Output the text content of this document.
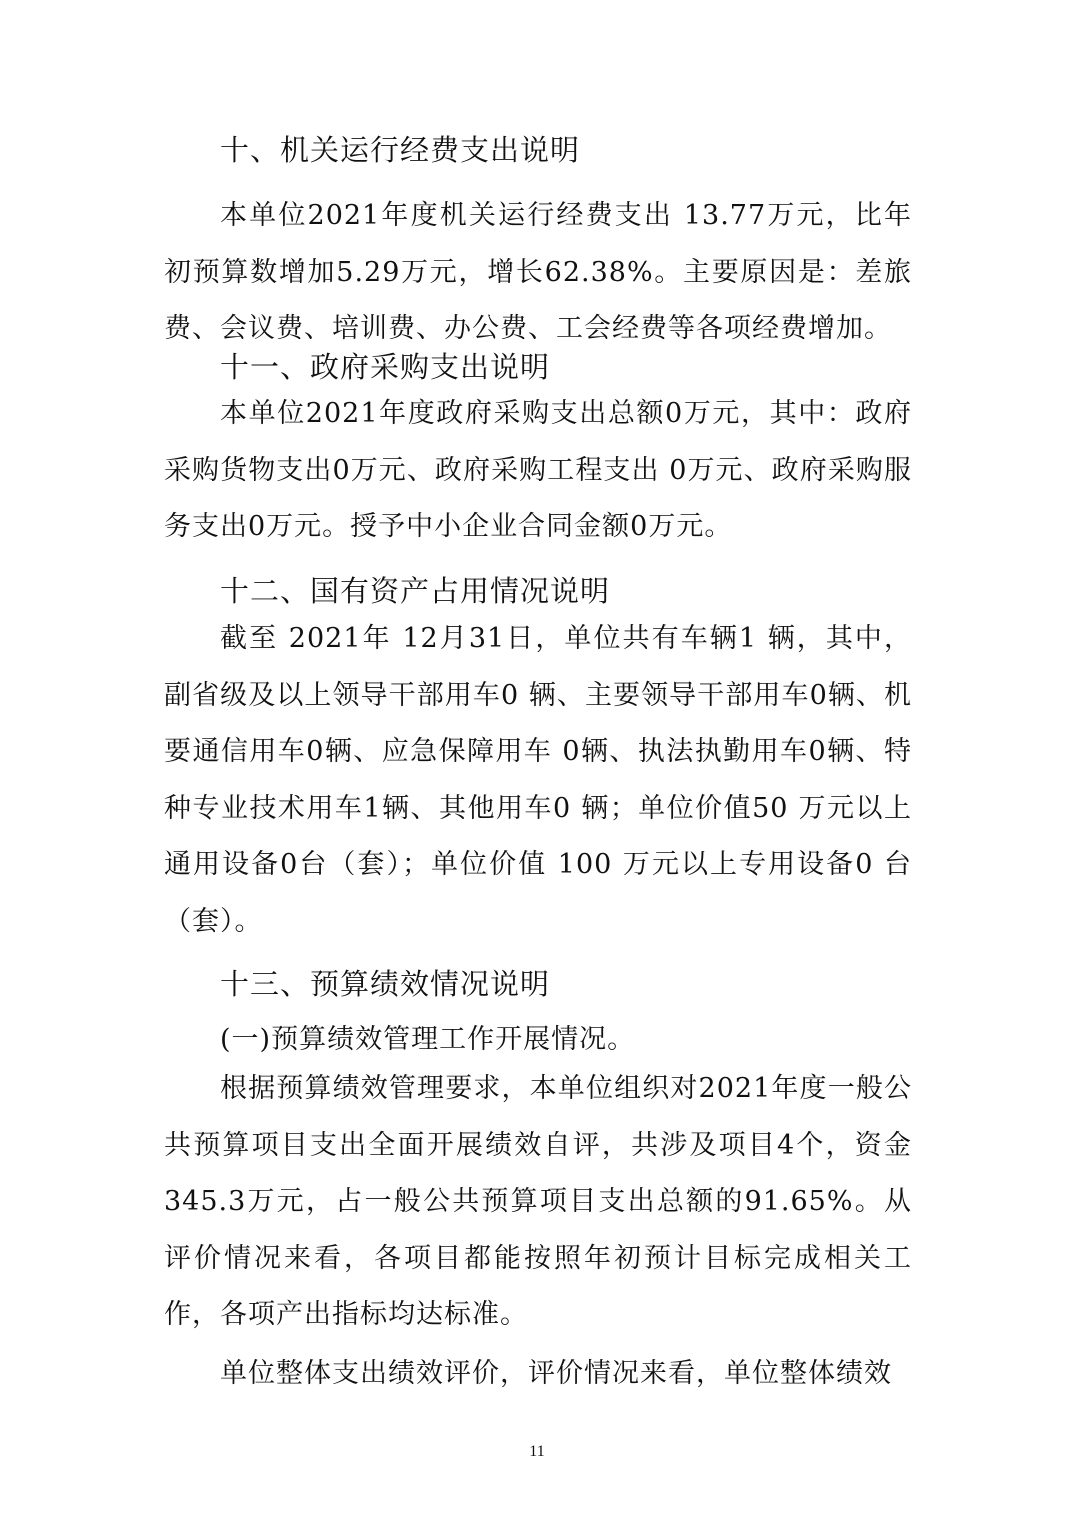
十、机关运行经费支出说明

本单位2021年度机关运行经费支出 13.77万元，比年初预算数增加5.29万元，增长62.38%。主要原因是：差旅费、会议费、培训费、办公费、工会经费等各项经费增加。

十一、政府采购支出说明

本单位2021年度政府采购支出总额0万元，其中：政府采购货物支出0万元、政府采购工程支出 0万元、政府采购服务支出0万元。授予中小企业合同金额0万元。

十二、国有资产占用情况说明

截至 2021年 12月31日，单位共有车辆1 辆，其中，副省级及以上领导干部用车0 辆、主要领导干部用车0辆、机要通信用车0辆、应急保障用车 0辆、执法执勤用车0辆、特种专业技术用车1辆、其他用车0 辆；单位价值50 万元以上通用设备0台（套）；单位价值 100 万元以上专用设备0 台（套）。

十三、预算绩效情况说明
(一)预算绩效管理工作开展情况。

根据预算绩效管理要求，本单位组织对2021年度一般公共预算项目支出全面开展绩效自评，共涉及项目4个，资金345.3万元，占一般公共预算项目支出总额的91.65%。从评价情况来看，各项目都能按照年初预计目标完成相关工作，各项产出指标均达标准。

单位整体支出绩效评价，评价情况来看，单位整体绩效

11
